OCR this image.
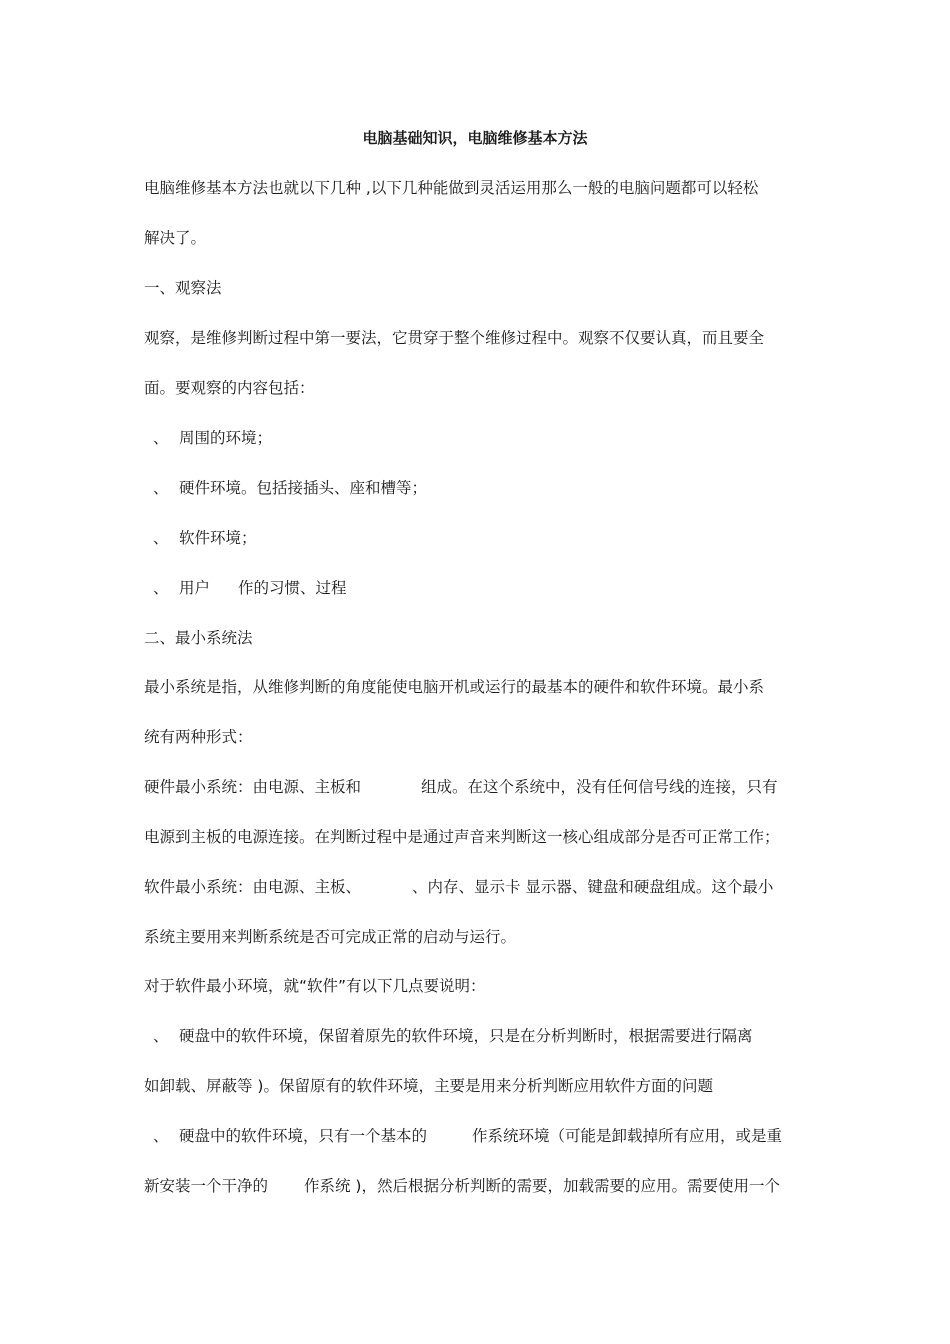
电脑基础知识，电脑维修基本方法
电脑维修基本方法也就以下几种 ,以下几种能做到灵活运用那么一般的电脑问题都可以轻松
解决了。
一、观察法
观察，是维修判断过程中第一要法，它贯穿于整个维修过程中。观察不仅要认真，而且要全
面。要观察的内容包括：
、 周围的环境；
、 硬件环境。包括接插头、座和槽等；
、 软件环境；
、 用户 作的习惯、过程
二、最小系统法
最小系统是指，从维修判断的角度能使电脑开机或运行的最基本的硬件和软件环境。最小系
统有两种形式：
硬件最小系统：由电源、主板和	组成。在这个系统中，没有任何信号线的连接，只有
电源到主板的电源连接。在判断过程中是通过声音来判断这一核心组成部分是否可正常工作；
软件最小系统：由电源、主板、	、内存、显示卡 显示器、键盘和硬盘组成。这个最小
系统主要用来判断系统是否可完成正常的启动与运行。
对于软件最小环境，就“软件”有以下几点要说明：
、 硬盘中的软件环境，保留着原先的软件环境，只是在分析判断时，根据需要进行隔离
如卸载、屏蔽等 )。保留原有的软件环境，主要是用来分析判断应用软件方面的问题
、 硬盘中的软件环境，只有一个基本的	作系统环境（可能是卸载掉所有应用，或是重
新安装一个干净的 作系统 )，然后根据分析判断的需要，加载需要的应用。需要使用一个
